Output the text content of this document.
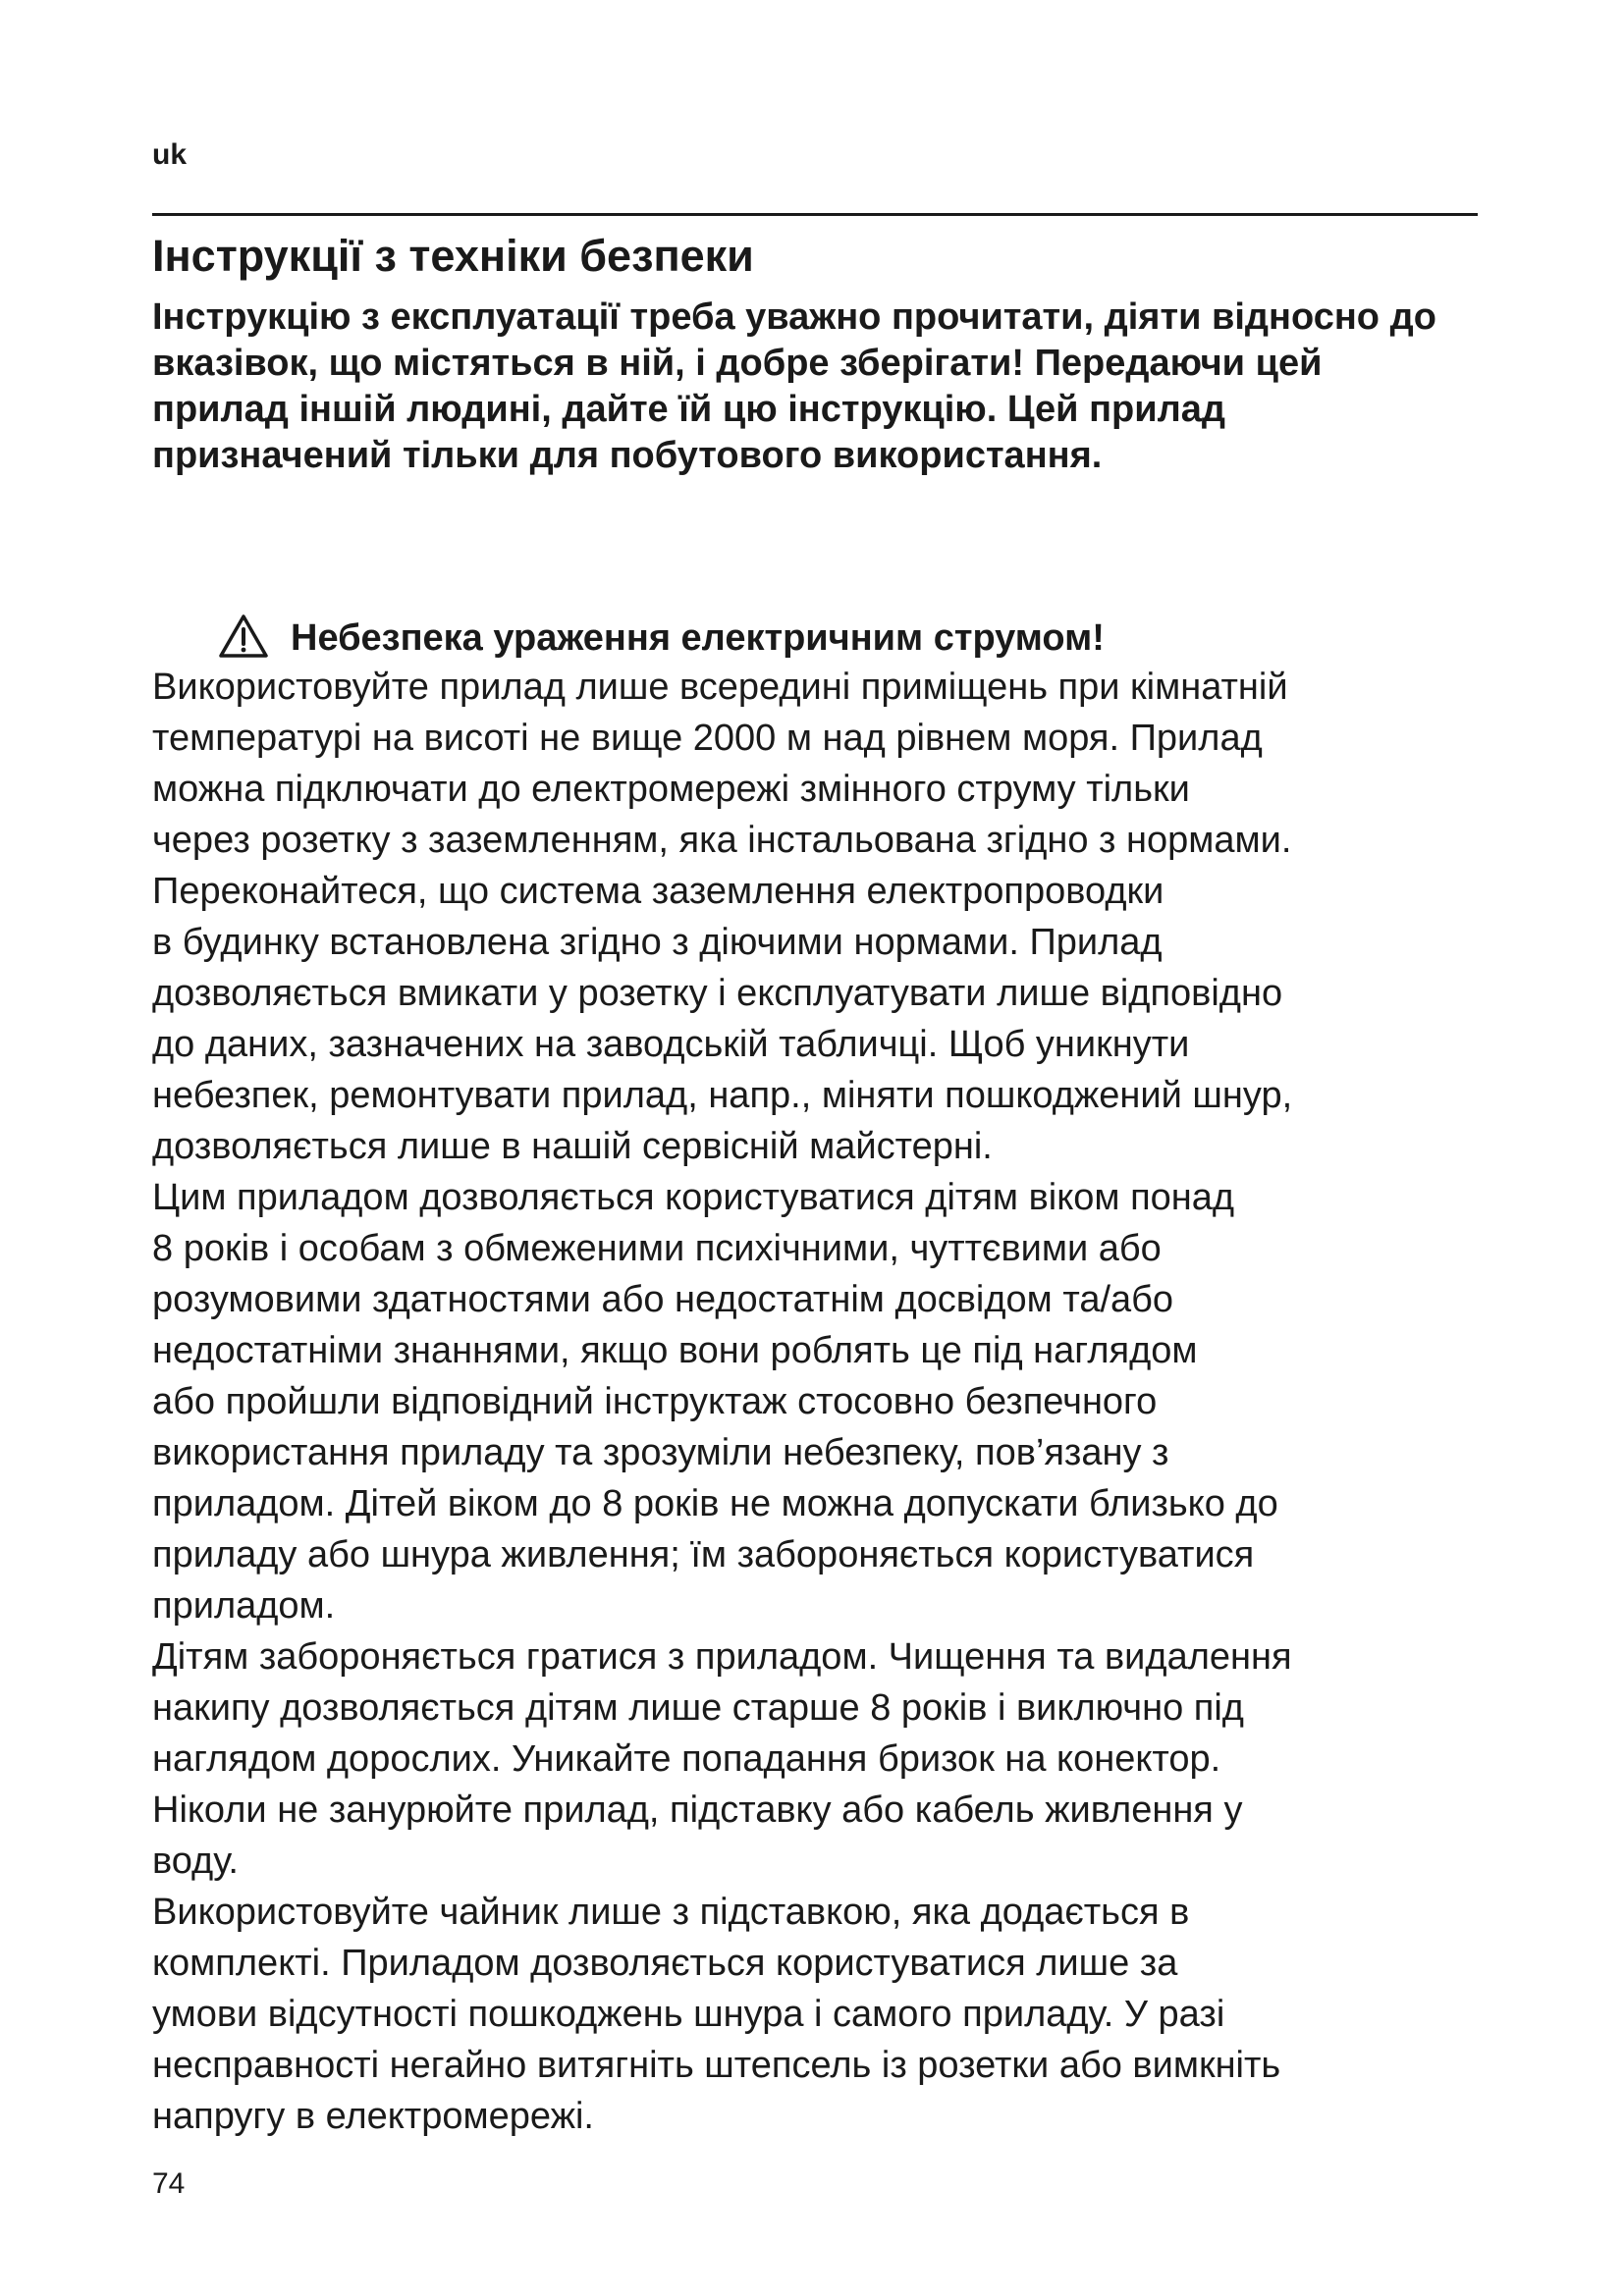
uk
Інструкції з техніки безпеки

Інструкцію з експлуатації треба уважно прочитати, діяти відносно до вказівок, що містяться в ній, і добре зберігати! Передаючи цей прилад іншій людині, дайте їй цю інструкцію. Цей прилад призначений тільки для побутового використання.

Небезпека ураження електричним струмом!

Використовуйте прилад лише всередині приміщень при кімнатній

температурі на висоті не вище 2000 м над рівнем моря. Прилад

можна підключати до електромережі змінного струму тільки

через розетку з заземленням, яка інстальована згідно з нормами.

Переконайтеся, що система заземлення електропроводки

в будинку встановлена згідно з діючими нормами. Прилад

дозволяється вмикати у розетку і експлуатувати лише відповідно

до даних, зазначених на заводській табличці. Щоб уникнути

небезпек, ремонтувати прилад, напр., міняти пошкоджений шнур,

дозволяється лише в нашій сервісній майстерні.

Цим приладом дозволяється користуватися дітям віком понад

8 років і особам з обмеженими психічними, чуттєвими або

розумовими здатностями або недостатнім досвідом та/або

недостатніми знаннями, якщо вони роблять це під наглядом

або пройшли відповідний інструктаж стосовно безпечного

використання приладу та зрозуміли небезпеку, пов’язану з

приладом. Дітей віком до 8 років не можна допускати близько до

приладу або шнура живлення; їм забороняється користуватися

приладом.

Дітям забороняється гратися з приладом. Чищення та видалення

накипу дозволяється дітям лише старше 8 років і виключно під

наглядом дорослих. Уникайте попадання бризок на конектор.

Ніколи не занурюйте прилад, підставку або кабель живлення у

воду.

Використовуйте чайник лише з підставкою, яка додається в

комплекті. Приладом дозволяється користуватися лише за

умови відсутності пошкоджень шнура і самого приладу. У разі

несправності негайно витягніть штепсель із розетки або вимкніть

напругу в електромережі.

74
